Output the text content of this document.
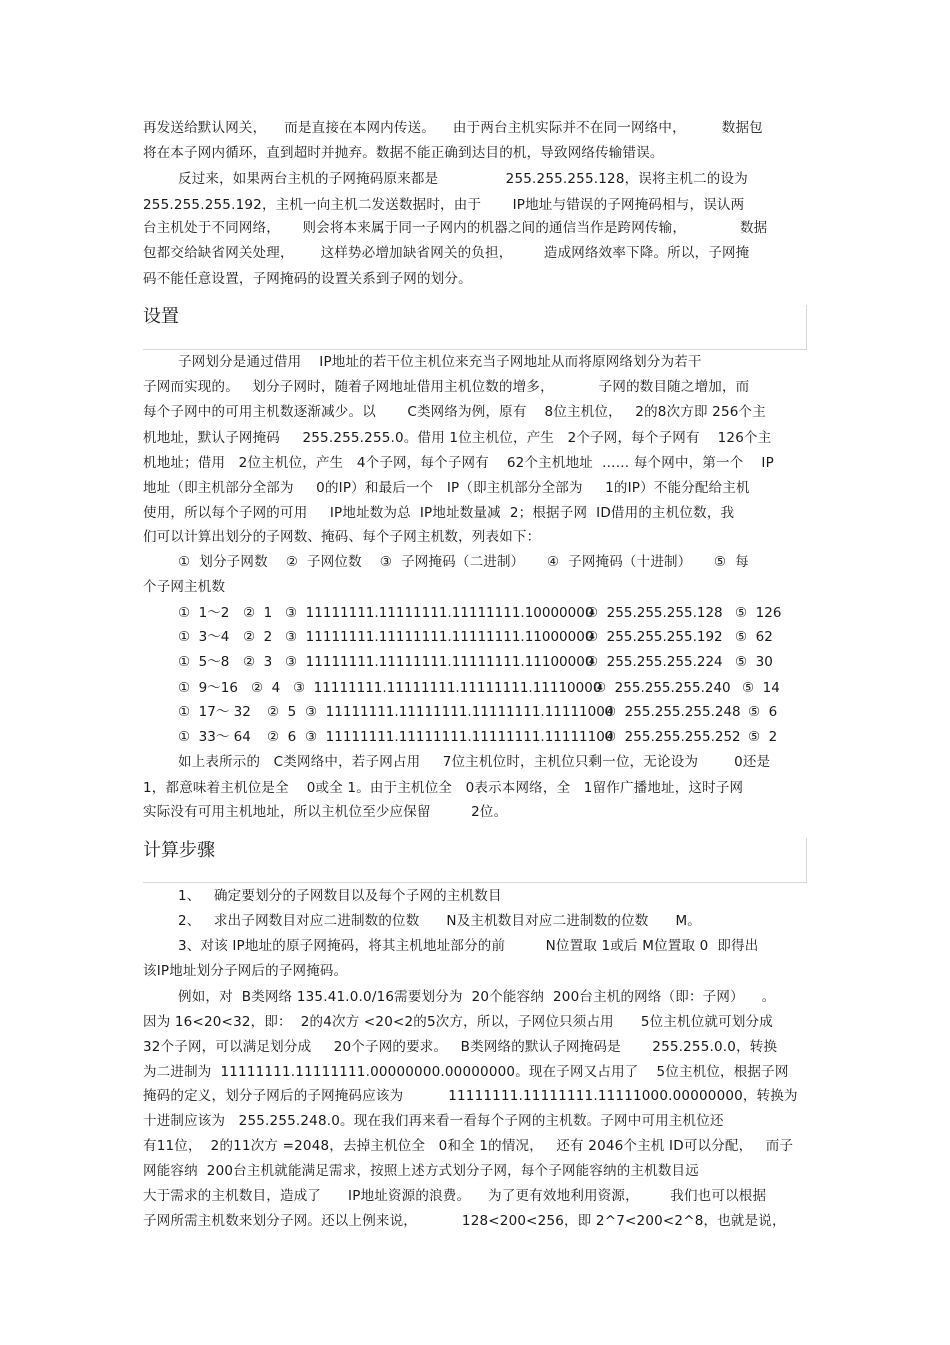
再发送给默认网关，    而是直接在本网内传送。    由于两台主机实际并不在同一网络中，        数据包
将在本子网内循环，直到超时并抛弃。数据不能正确到达目的机，导致网络传输错误。
反过来，如果两台主机的子网掩码原来都是               255.255.255.128，误将主机二的设为
255.255.255.192，主机一向主机二发送数据时，由于       IP地址与错误的子网掩码相与，误认两
台主机处于不同网络，     则会将本来属于同一子网内的机器之间的通信当作是跨网传输，            数据
包都交给缺省网关处理，      这样势必增加缺省网关的负担，       造成网络效率下降。所以，子网掩
码不能任意设置，子网掩码的设置关系到子网的划分。
设置
子网划分是通过借用    IP地址的若干位主机位来充当子网地址从而将原网络划分为若干
子网而实现的。   划分子网时，随着子网地址借用主机位数的增多，          子网的数目随之增加，而
每个子网中的可用主机数逐渐减少。以       C类网络为例，原有    8位主机位，   2的8次方即 256个主
机地址，默认子网掩码     255.255.255.0。借用 1位主机位，产生   2个子网，每个子网有    126个主
机地址；借用   2位主机位，产生   4个子网，每个子网有    62个主机地址  …… 每个网中，第一个    IP
地址（即主机部分全部为     0的IP）和最后一个   IP（即主机部分全部为     1的IP）不能分配给主机
使用，所以每个子网的可用     IP地址数为总  IP地址数量减  2；根据子网  ID借用的主机位数，我
们可以计算出划分的子网数、掩码、每个子网主机数，列表如下：
①  划分子网数    ②  子网位数    ③  子网掩码（二进制）     ④  子网掩码（十进制）     ⑤  每
个子网主机数

①  1～2

②  1

③  11111111.11111111.11111111.10000000

④  255.255.255.128

⑤  126

①  3～4

②  2

③  11111111.11111111.11111111.11000000

④  255.255.255.192

⑤  62

①  5～8

②  3

③  11111111.11111111.11111111.11100000

④  255.255.255.224

⑤  30

①  9～16

②  4

③  11111111.11111111.11111111.11110000

④  255.255.255.240

⑤  14

①  17～ 32

②  5

③  11111111.11111111.11111111.11111000

④  255.255.255.248

⑤  6

①  33～ 64

②  6

③  11111111.11111111.11111111.11111100

④  255.255.255.252

⑤  2

如上表所示的   C类网络中，若子网占用     7位主机位时，主机位只剩一位，无论设为        0还是
1，都意味着主机位是全    0或全 1。由于主机位全   0表示本网络，全   1留作广播地址，这时子网
实际没有可用主机地址，所以主机位至少应保留         2位。
计算步骤
1、   确定要划分的子网数目以及每个子网的主机数目
2、   求出子网数目对应二进制数的位数      N及主机数目对应二进制数的位数      M。
3、对该 IP地址的原子网掩码，将其主机地址部分的前         N位置取 1或后 M位置取 0  即得出
该IP地址划分子网后的子网掩码。
例如，对  B类网络 135.41.0.0/16需要划分为  20个能容纳  200台主机的网络（即：子网）    。
因为 16<20<32，即：  2的4次方 <20<2的5次方，所以，子网位只须占用      5位主机位就可划分成
32个子网，可以满足划分成     20个子网的要求。   B类网络的默认子网掩码是       255.255.0.0，转换
为二进制为  11111111.11111111.00000000.00000000。现在子网又占用了    5位主机位，根据子网
掩码的定义，划分子网后的子网掩码应该为          11111111.11111111.11111000.00000000，转换为
十进制应该为   255.255.248.0。现在我们再来看一看每个子网的主机数。子网中可用主机位还
有11位，  2的11次方 =2048，去掉主机位全   0和全 1的情况，   还有 2046个主机 ID可以分配，   而子
网能容纳  200台主机就能满足需求，按照上述方式划分子网，每个子网能容纳的主机数目远
大于需求的主机数目，造成了      IP地址资源的浪费。    为了更有效地利用资源，       我们也可以根据
子网所需主机数来划分子网。还以上例来说，          128<200<256，即 2^7<200<2^8，也就是说，
